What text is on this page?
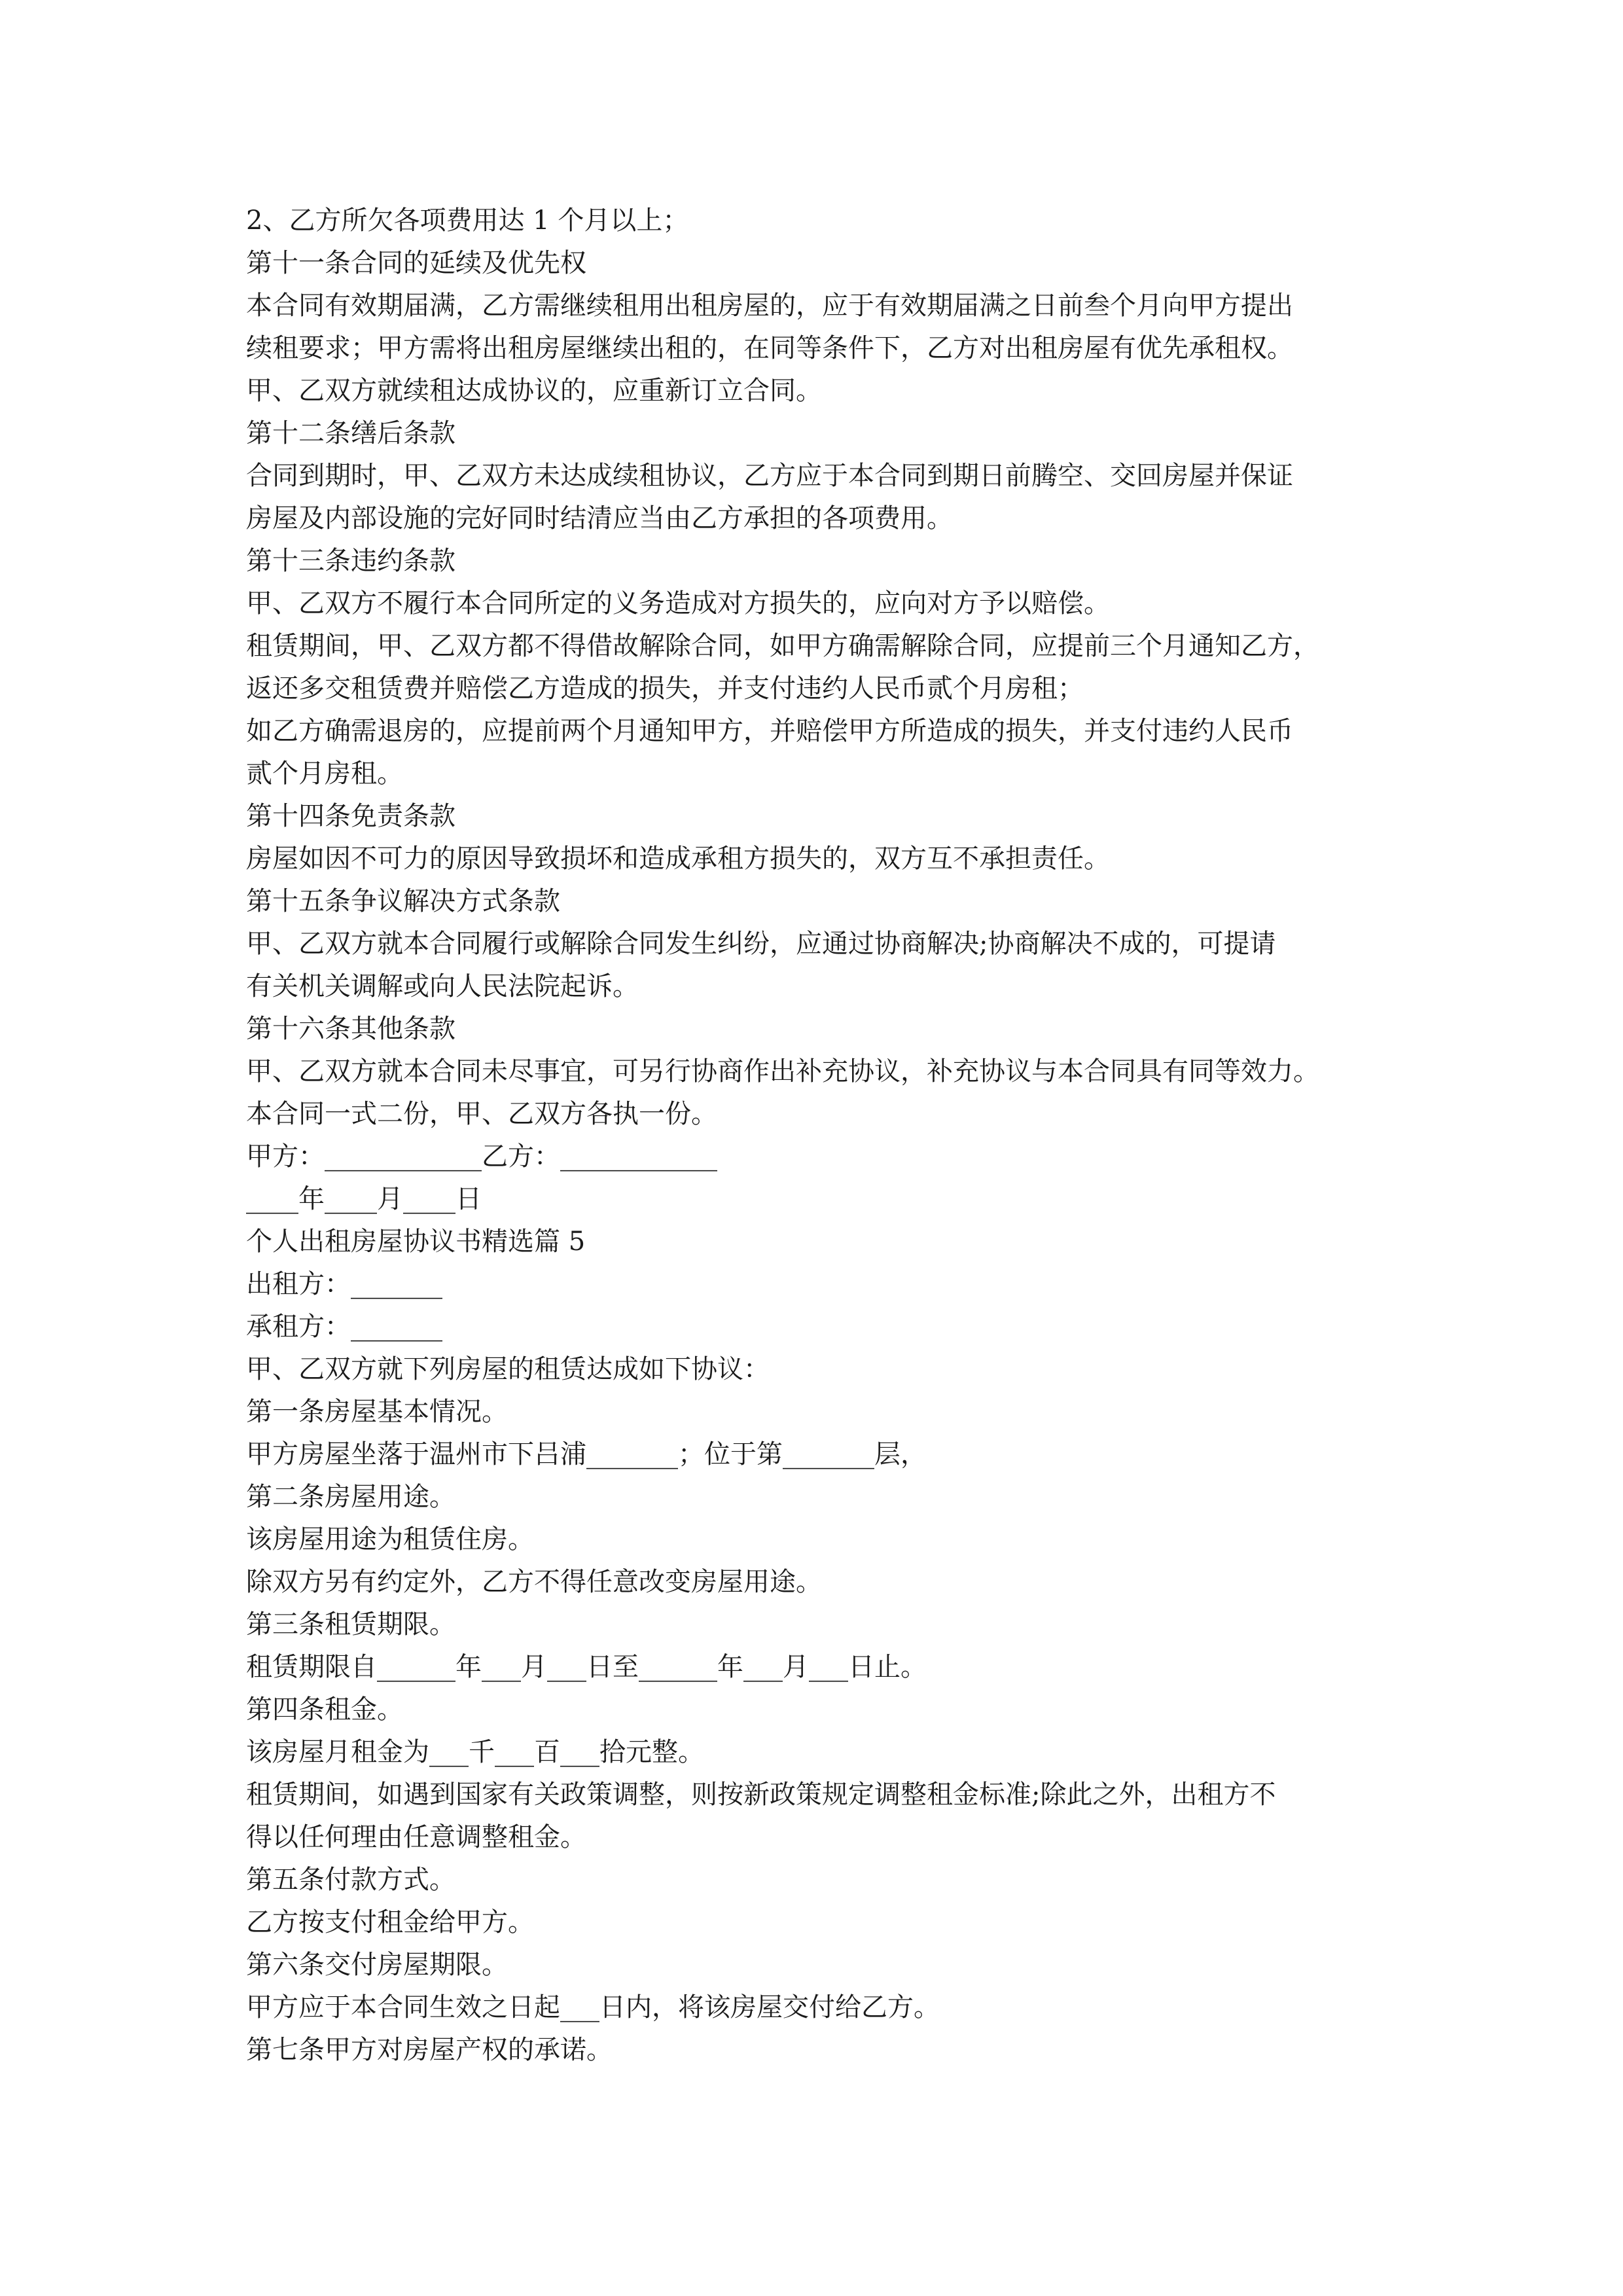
2、乙方所欠各项费用达 1 个月以上；
第十一条合同的延续及优先权
本合同有效期届满，乙方需继续租用出租房屋的，应于有效期届满之日前叁个月向甲方提出
续租要求；甲方需将出租房屋继续出租的，在同等条件下，乙方对出租房屋有优先承租权。
甲、乙双方就续租达成协议的，应重新订立合同。
第十二条缮后条款
合同到期时，甲、乙双方未达成续租协议，乙方应于本合同到期日前腾空、交回房屋并保证
房屋及内部设施的完好同时结清应当由乙方承担的各项费用。
第十三条违约条款
甲、乙双方不履行本合同所定的义务造成对方损失的，应向对方予以赔偿。
租赁期间，甲、乙双方都不得借故解除合同，如甲方确需解除合同，应提前三个月通知乙方，
返还多交租赁费并赔偿乙方造成的损失，并支付违约人民币贰个月房租；
如乙方确需退房的，应提前两个月通知甲方，并赔偿甲方所造成的损失，并支付违约人民币
贰个月房租。
第十四条免责条款
房屋如因不可力的原因导致损坏和造成承租方损失的，双方互不承担责任。
第十五条争议解决方式条款
甲、乙双方就本合同履行或解除合同发生纠纷，应通过协商解决;协商解决不成的，可提请
有关机关调解或向人民法院起诉。
第十六条其他条款
甲、乙双方就本合同未尽事宜，可另行协商作出补充协议，补充协议与本合同具有同等效力。
本合同一式二份，甲、乙双方各执一份。
甲方：____________乙方：____________
____年____月____日
个人出租房屋协议书精选篇 5
出租方：_______
承租方：_______
甲、乙双方就下列房屋的租赁达成如下协议：
第一条房屋基本情况。
甲方房屋坐落于温州市下吕浦_______；位于第_______层，
第二条房屋用途。
该房屋用途为租赁住房。
除双方另有约定外，乙方不得任意改变房屋用途。
第三条租赁期限。
租赁期限自______年___月___日至______年___月___日止。
第四条租金。
该房屋月租金为___千___百___拾元整。
租赁期间，如遇到国家有关政策调整，则按新政策规定调整租金标准;除此之外，出租方不
得以任何理由任意调整租金。
第五条付款方式。
乙方按支付租金给甲方。
第六条交付房屋期限。
甲方应于本合同生效之日起___日内，将该房屋交付给乙方。
第七条甲方对房屋产权的承诺。
